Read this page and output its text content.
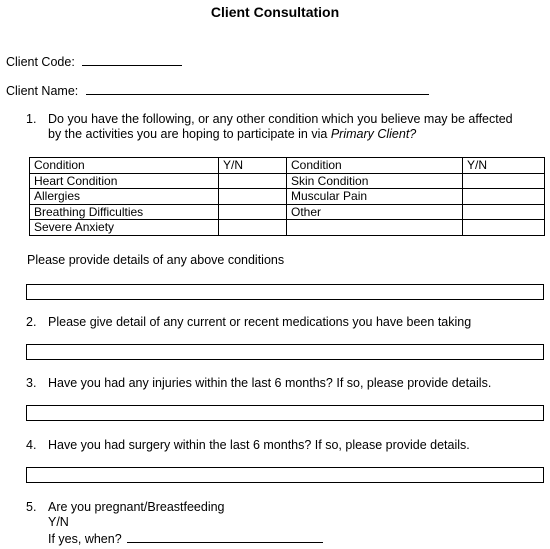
Client Consultation
Client Code:
Client Name:
1. Do you have the following, or any other condition which you believe may be affected
by the activities you are hoping to participate in via Primary Client?
Condition	Y/N	Condition	Y/N
Heart Condition		Skin Condition	
Allergies		Muscular Pain	
Breathing Difficulties		Other	
Severe Anxiety			
Please provide details of any above conditions
2. Please give detail of any current or recent medications you have been taking
3. Have you had any injuries within the last 6 months? If so, please provide details.
4. Have you had surgery within the last 6 months? If so, please provide details.
5. Are you pregnant/Breastfeeding
Y/N
If yes, when?
